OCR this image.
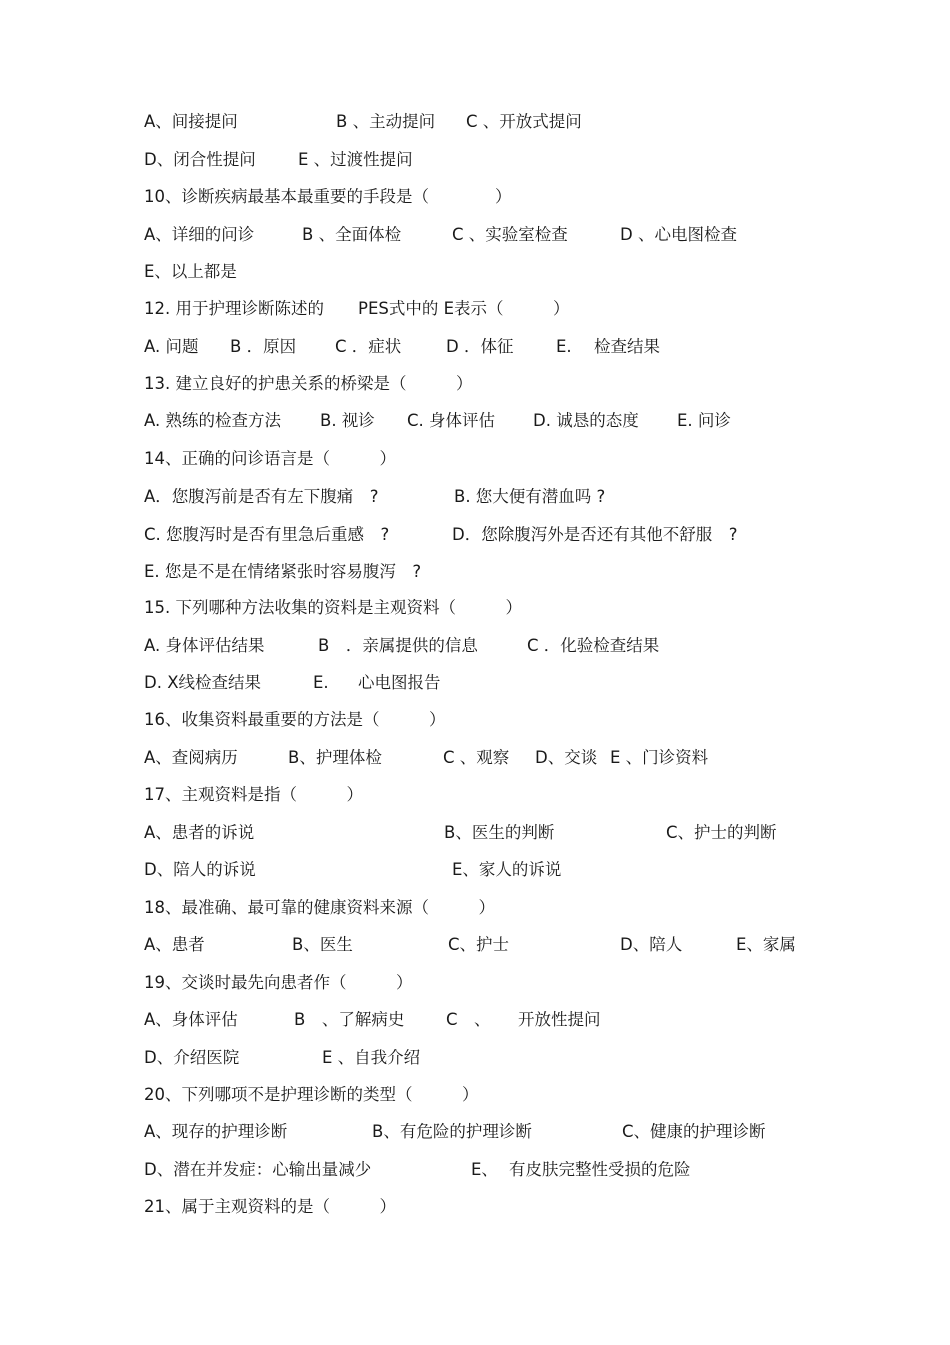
A、间接提问	B 、主动提问 C 、开放式提问
D、闭合性提问	E 、过渡性提问
10、诊断疾病最基本最重要的手段是（　　　　）
A、详细的问诊	B 、全面体检	C 、实验室检查	D 、心电图检查
E、以上都是
12. 用于护理诊断陈述的 PES式中的 E表示（　　　）
A. 问题 B ．原因 C ．症状	D ．体征	E. 检查结果
13. 建立良好的护患关系的桥梁是（　　　）
A. 熟练的检查方法 B. 视诊 C. 身体评估 D. 诚恳的态度 E. 问诊
14、正确的问诊语言是（　　　）
A．您腹泻前是否有左下腹痛　?	B. 您大便有潜血吗 ?
C. 您腹泻时是否有里急后重感　?	D．您除腹泻外是否还有其他不舒服　?
E. 您是不是在情绪紧张时容易腹泻　?
15. 下列哪种方法收集的资料是主观资料（　　　）
A. 身体评估结果	B　．亲属提供的信息	C ．化验检查结果
D. X线检查结果	E. 心电图报告
16、收集资料最重要的方法是（　　　）
A、查阅病历	B、护理体检	C 、观察 D、交谈 E 、门诊资料
17、主观资料是指（　　　）
A、患者的诉说	B、医生的判断	C、护士的判断
D、陪人的诉说	E、家人的诉说
18、最准确、最可靠的健康资料来源（　　　）
A、患者	B、医生	C、护士	D、陪人	E、家属
19、交谈时最先向患者作（　　　）
A、身体评估	B　、了解病史	C　、 开放性提问
D、介绍医院	E 、自我介绍
20、下列哪项不是护理诊断的类型（　　　）
A、现存的护理诊断	B、有危险的护理诊断	C、健康的护理诊断
D、潜在并发症：心输出量减少	E、 有皮肤完整性受损的危险
21、属于主观资料的是（　　　）
